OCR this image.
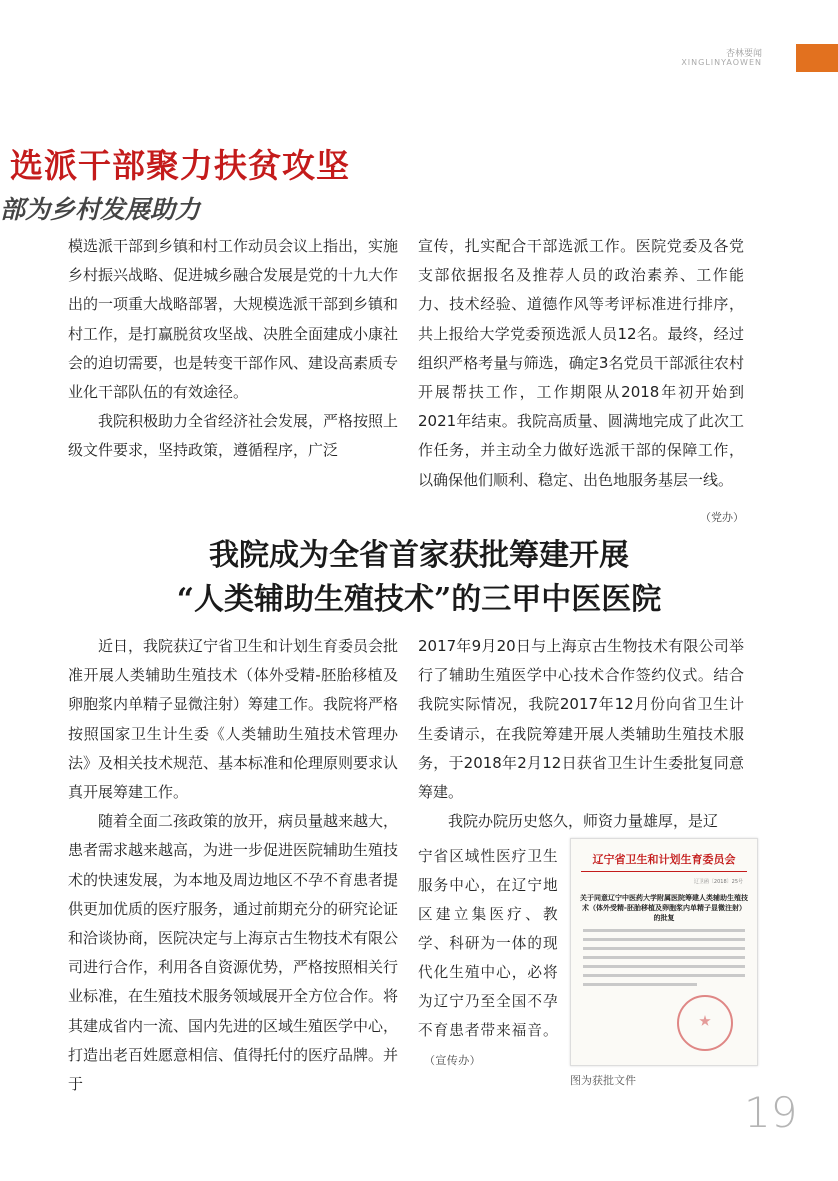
杏林要闻
XINGLINYAOWEN
选派干部聚力扶贫攻坚
部为乡村发展助力

模选派干部到乡镇和村工作动员会议上指出，实施乡村振兴战略、促进城乡融合发展是党的十九大作出的一项重大战略部署，大规模选派干部到乡镇和村工作，是打赢脱贫攻坚战、决胜全面建成小康社会的迫切需要，也是转变干部作风、建设高素质专业化干部队伍的有效途径。

我院积极助力全省经济社会发展，严格按照上级文件要求，坚持政策，遵循程序，广泛

宣传，扎实配合干部选派工作。医院党委及各党支部依据报名及推荐人员的政治素养、工作能力、技术经验、道德作风等考评标准进行排序，共上报给大学党委预选派人员12名。最终，经过组织严格考量与筛选，确定3名党员干部派往农村开展帮扶工作，工作期限从2018年初开始到2021年结束。我院高质量、圆满地完成了此次工作任务，并主动全力做好选派干部的保障工作，以确保他们顺利、稳定、出色地服务基层一线。
（党办）

我院成为全省首家获批筹建开展
“人类辅助生殖技术”的三甲中医医院

近日，我院获辽宁省卫生和计划生育委员会批准开展人类辅助生殖技术（体外受精-胚胎移植及卵胞浆内单精子显微注射）筹建工作。我院将严格按照国家卫生计生委《人类辅助生殖技术管理办法》及相关技术规范、基本标准和伦理原则要求认真开展筹建工作。

随着全面二孩政策的放开，病员量越来越大，患者需求越来越高，为进一步促进医院辅助生殖技术的快速发展，为本地及周边地区不孕不育患者提供更加优质的医疗服务，通过前期充分的研究论证和洽谈协商，医院决定与上海京古生物技术有限公司进行合作，利用各自资源优势，严格按照相关行业标准，在生殖技术服务领域展开全方位合作。将其建成省内一流、国内先进的区域生殖医学中心，打造出老百姓愿意相信、值得托付的医疗品牌。并于

2017年9月20日与上海京古生物技术有限公司举行了辅助生殖医学中心技术合作签约仪式。结合我院实际情况，我院2017年12月份向省卫生计生委请示，在我院筹建开展人类辅助生殖技术服务，于2018年2月12日获省卫生计生委批复同意筹建。

我院办院历史悠久，师资力量雄厚，是辽

宁省区域性医疗卫生服务中心，在辽宁地区建立集医疗、教学、科研为一体的现代化生殖中心，必将为辽宁乃至全国不孕不育患者带来福音。（宣传办）

辽宁省卫生和计划生育委员会
辽卫函〔2018〕25号
关于同意辽宁中医药大学附属医院筹建人类辅助生殖技术（体外受精-胚胎移植及卵胞浆内单精子显微注射）的批复
图为获批文件
19
